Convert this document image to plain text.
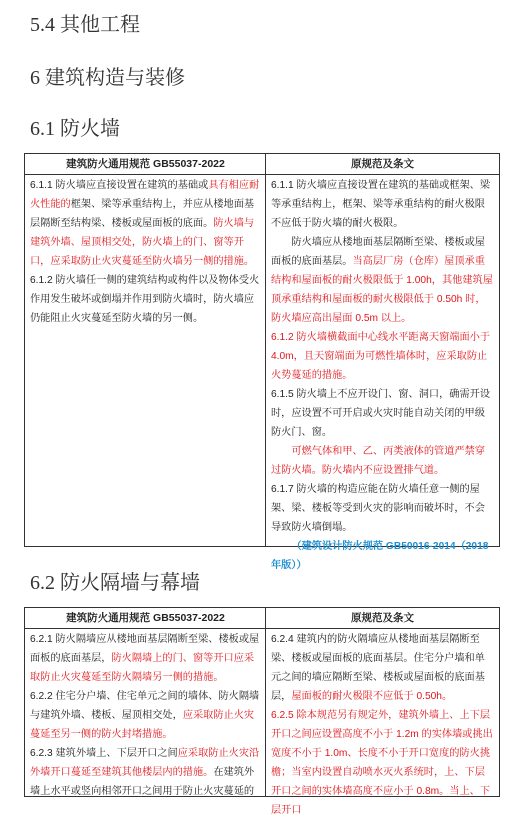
5.4 其他工程
6 建筑构造与装修
6.1 防火墙
建筑防火通用规范 GB55037-2022	原规范及条文

6.1.1 防火墙应直接设置在建筑的基础或具有相应耐火性能的框架、梁等承重结构上，并应从楼地面基层隔断至结构梁、楼板或屋面板的底面。防火墙与建筑外墙、屋顶相交处，防火墙上的门、窗等开口，应采取防止火灾蔓延至防火墙另一侧的措施。

6.1.2 防火墙任一侧的建筑结构或构件以及物体受火作用发生破坏或倒塌并作用到防火墙时，防火墙应仍能阻止火灾蔓延至防火墙的另一侧。

6.1.1 防火墙应直接设置在建筑的基础或框架、梁等承重结构上，框架、梁等承重结构的耐火极限不应低于防火墙的耐火极限。

防火墙应从楼地面基层隔断至梁、楼板或屋面板的底面基层。当高层厂房（仓库）屋顶承重结构和屋面板的耐火极限低于 1.00h，其他建筑屋顶承重结构和屋面板的耐火极限低于 0.50h 时，防火墙应高出屋面 0.5m 以上。

6.1.2 防火墙横截面中心线水平距离天窗端面小于 4.0m，且天窗端面为可燃性墙体时，应采取防止火势蔓延的措施。

6.1.5 防火墙上不应开设门、窗、洞口，确需开设时，应设置不可开启或火灾时能自动关闭的甲级防火门、窗。

可燃气体和甲、乙、丙类液体的管道严禁穿过防火墙。防火墙内不应设置排气道。

6.1.7 防火墙的构造应能在防火墙任意一侧的屋架、梁、楼板等受到火灾的影响而破坏时，不会导致防火墙倒塌。

（建筑设计防火规范 GB50016-2014（2018 年版））

6.2 防火隔墙与幕墙
建筑防火通用规范 GB55037-2022	原规范及条文

6.2.1 防火隔墙应从楼地面基层隔断至梁、楼板或屋面板的底面基层，防火隔墙上的门、窗等开口应采取防止火灾蔓延至防火隔墙另一侧的措施。

6.2.2 住宅分户墙、住宅单元之间的墙体、防火隔墙与建筑外墙、楼板、屋顶相交处，应采取防止火灾蔓延至另一侧的防火封堵措施。

6.2.3 建筑外墙上、下层开口之间应采取防止火灾沿外墙开口蔓延至建筑其他楼层内的措施。在建筑外墙上水平或竖向相邻开口之间用于防止火灾蔓延的

6.2.4 建筑内的防火隔墙应从楼地面基层隔断至梁、楼板或屋面板的底面基层。住宅分户墙和单元之间的墙应隔断至梁、楼板或屋面板的底面基层，屋面板的耐火极限不应低于 0.50h。

6.2.5 除本规范另有规定外，建筑外墙上、上下层开口之间应设置高度不小于 1.2m 的实体墙或挑出宽度不小于 1.0m、长度不小于开口宽度的防火挑檐；当室内设置自动喷水灭火系统时，上、下层开口之间的实体墙高度不应小于 0.8m。当上、下层开口
